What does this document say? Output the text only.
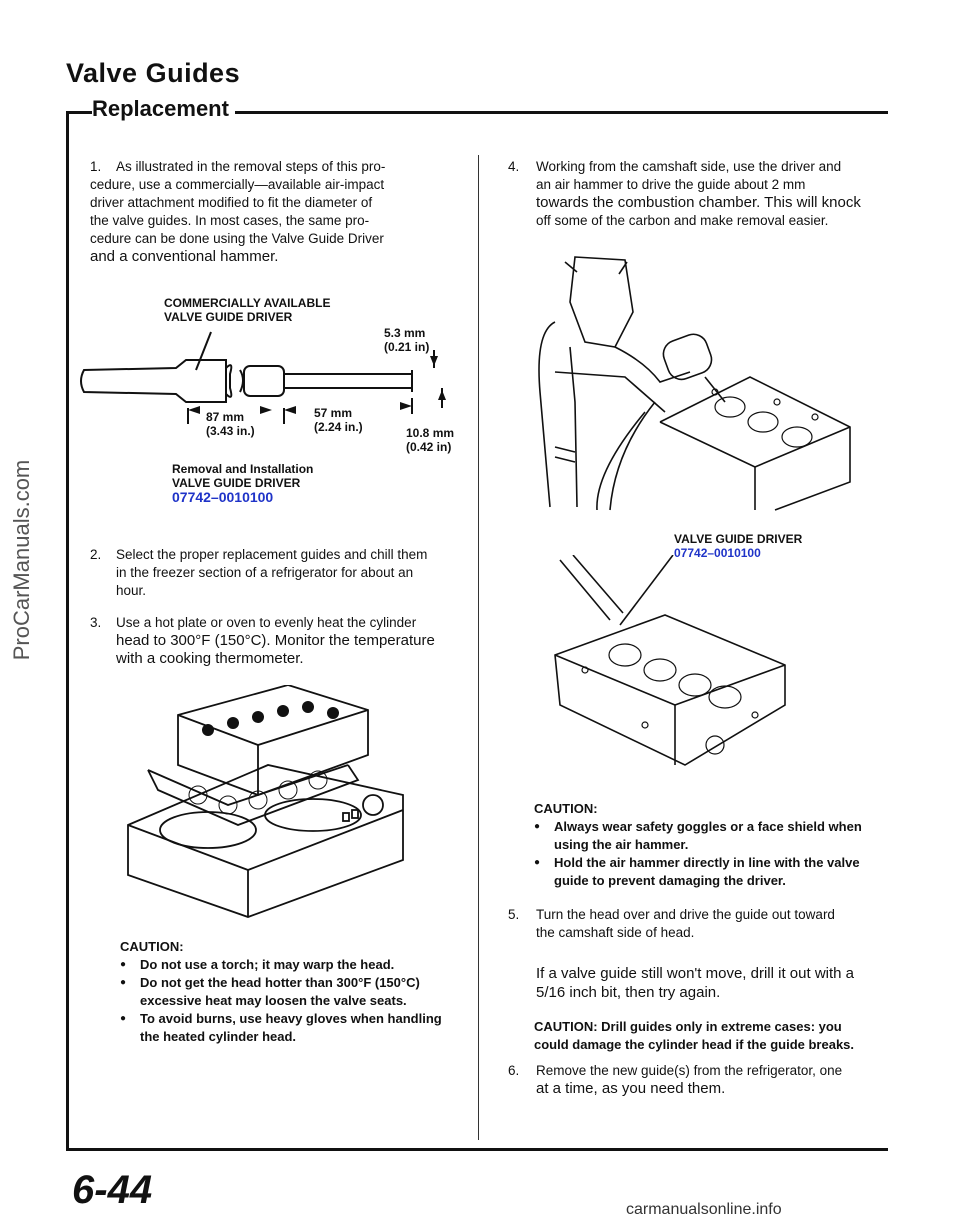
Valve Guides
Replacement
ProCarManuals.com
1. As illustrated in the removal steps of this pro-
cedure, use a commercially—available air-impact
driver attachment modified to fit the diameter of
the valve guides. In most cases, the same pro-
cedure can be done using the Valve Guide Driver
and a conventional hammer.
COMMERCIALLY AVAILABLE
VALVE GUIDE DRIVER
5.3 mm
(0.21 in)
87 mm
(3.43 in.)
57 mm
(2.24 in.)	10.8 mm
(0.42 in)
Removal and Installation
VALVE GUIDE DRIVER
07742–0010100
2. Select the proper replacement guides and chill them
in the freezer section of a refrigerator for about an
hour.
3. Use a hot plate or oven to evenly heat the cylinder
head to 300°F (150°C). Monitor the temperature
with a cooking thermometer.
CAUTION:
● Do not use a torch; it may warp the head.
● Do not get the head hotter than 300°F (150°C) excessive heat may loosen the valve seats.
● To avoid burns, use heavy gloves when handling the heated cylinder head.
4. Working from the camshaft side, use the driver and
an air hammer to drive the guide about 2 mm
towards the combustion chamber. This will knock
off some of the carbon and make removal easier.
VALVE GUIDE DRIVER
07742–0010100
CAUTION:
● Always wear safety goggles or a face shield when using the air hammer.
● Hold the air hammer directly in line with the valve guide to prevent damaging the driver.
5. Turn the head over and drive the guide out toward
the camshaft side of head.
If a valve guide still won't move, drill it out with a
5/16 inch bit, then try again.
CAUTION: Drill guides only in extreme cases: you
could damage the cylinder head if the guide breaks.
6. Remove the new guide(s) from the refrigerator, one
at a time, as you need them.
6-44	carmanualsonline.info
